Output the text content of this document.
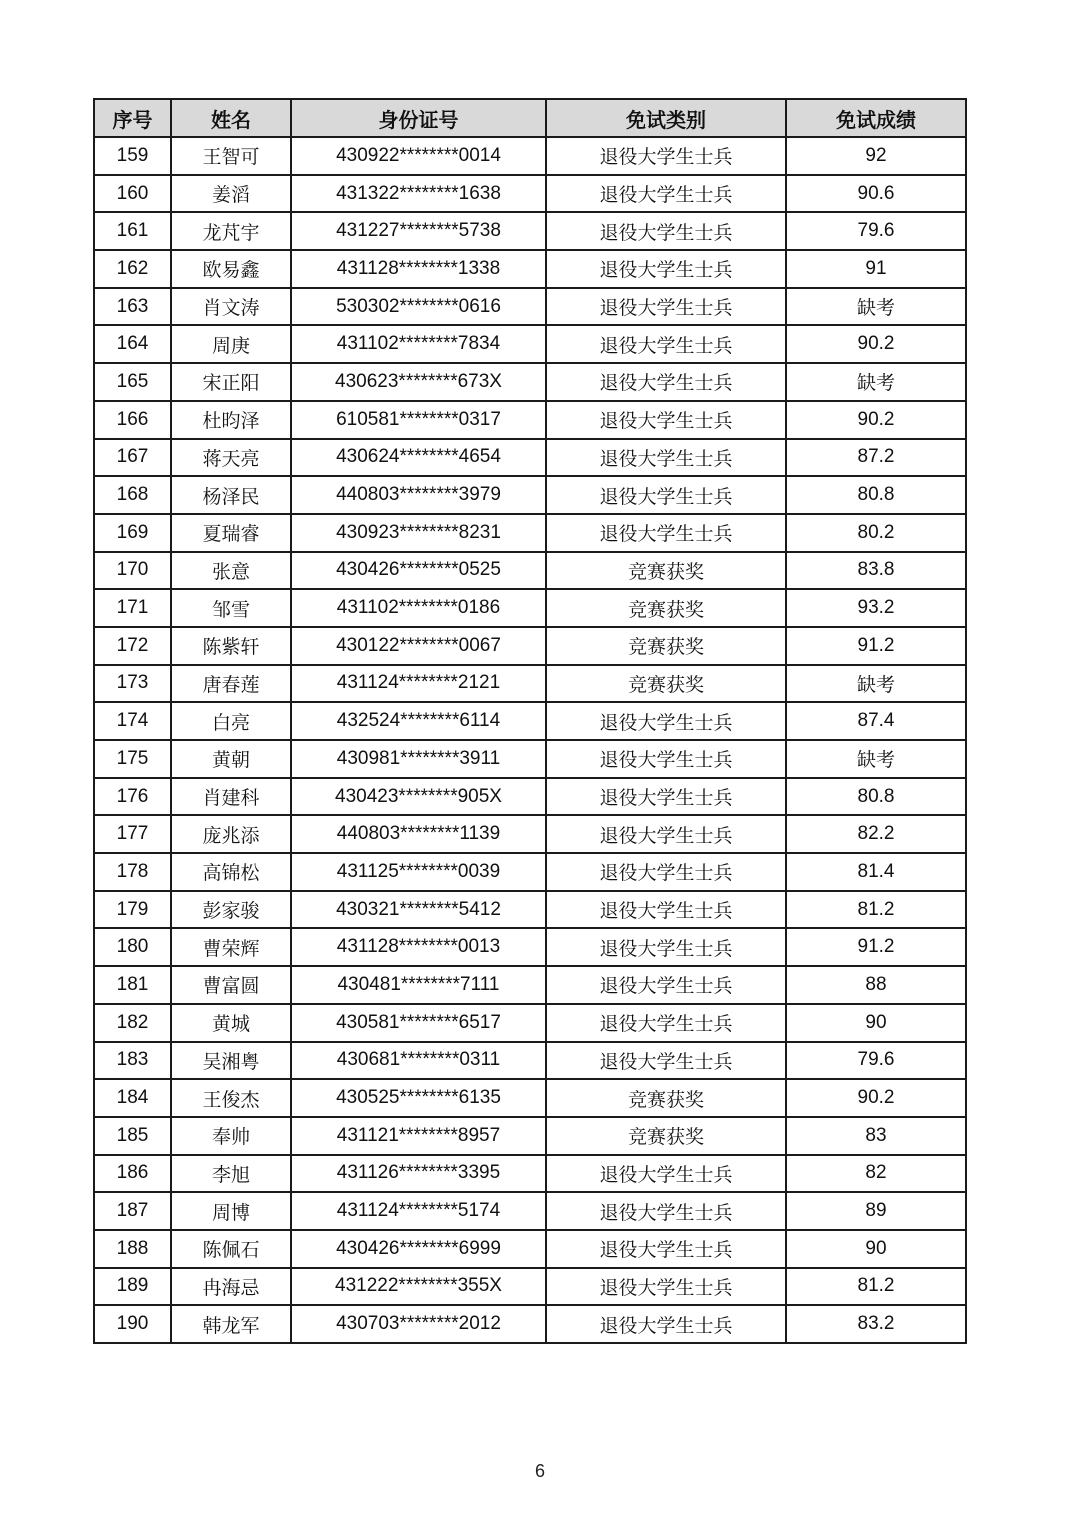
序号	姓名	身份证号	免试类别	免试成绩
159	王智可	430922********0014	退役大学生士兵	92
160	姜滔	431322********1638	退役大学生士兵	90.6
161	龙芃宇	431227********5738	退役大学生士兵	79.6
162	欧易鑫	431128********1338	退役大学生士兵	91
163	肖文涛	530302********0616	退役大学生士兵	缺考
164	周庚	431102********7834	退役大学生士兵	90.2
165	宋正阳	430623********673X	退役大学生士兵	缺考
166	杜昀泽	610581********0317	退役大学生士兵	90.2
167	蒋天亮	430624********4654	退役大学生士兵	87.2
168	杨泽民	440803********3979	退役大学生士兵	80.8
169	夏瑞睿	430923********8231	退役大学生士兵	80.2
170	张意	430426********0525	竞赛获奖	83.8
171	邹雪	431102********0186	竞赛获奖	93.2
172	陈紫轩	430122********0067	竞赛获奖	91.2
173	唐春莲	431124********2121	竞赛获奖	缺考
174	白亮	432524********6114	退役大学生士兵	87.4
175	黄朝	430981********3911	退役大学生士兵	缺考
176	肖建科	430423********905X	退役大学生士兵	80.8
177	庞兆添	440803********1139	退役大学生士兵	82.2
178	高锦松	431125********0039	退役大学生士兵	81.4
179	彭家骏	430321********5412	退役大学生士兵	81.2
180	曹荣辉	431128********0013	退役大学生士兵	91.2
181	曹富圆	430481********7111	退役大学生士兵	88
182	黄城	430581********6517	退役大学生士兵	90
183	吴湘粤	430681********0311	退役大学生士兵	79.6
184	王俊杰	430525********6135	竞赛获奖	90.2
185	奉帅	431121********8957	竞赛获奖	83
186	李旭	431126********3395	退役大学生士兵	82
187	周博	431124********5174	退役大学生士兵	89
188	陈佩石	430426********6999	退役大学生士兵	90
189	冉海忌	431222********355X	退役大学生士兵	81.2
190	韩龙军	430703********2012	退役大学生士兵	83.2
6
